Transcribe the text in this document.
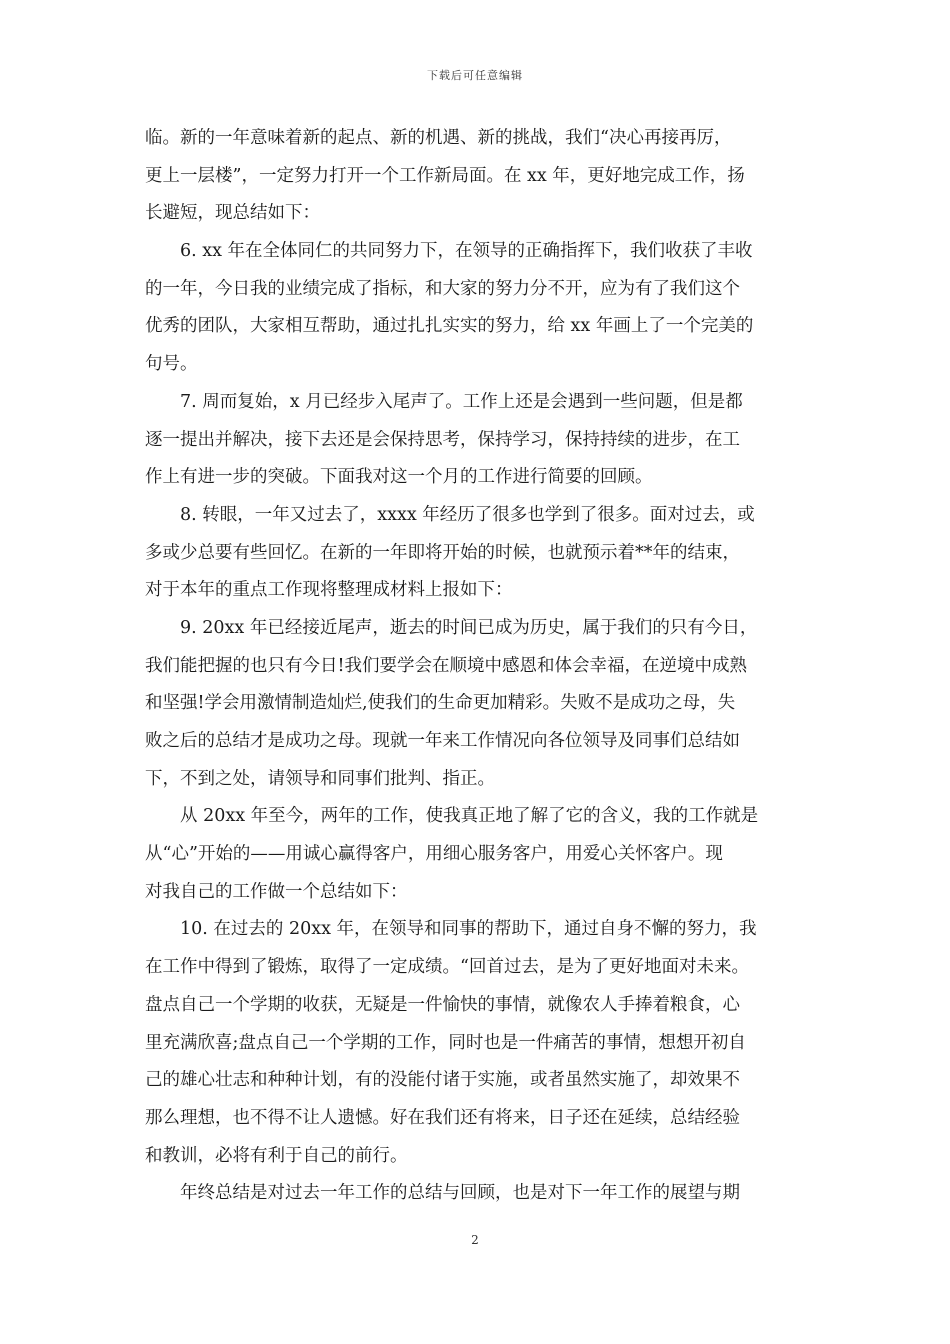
下载后可任意编辑
临。新的一年意味着新的起点、新的机遇、新的挑战，我们“决心再接再厉，
更上一层楼”，一定努力打开一个工作新局面。在 xx 年，更好地完成工作，扬
长避短，现总结如下：
6. xx 年在全体同仁的共同努力下，在领导的正确指挥下，我们收获了丰收
的一年，今日我的业绩完成了指标，和大家的努力分不开，应为有了我们这个
优秀的团队，大家相互帮助，通过扎扎实实的努力，给 xx 年画上了一个完美的
句号。
7. 周而复始，x 月已经步入尾声了。工作上还是会遇到一些问题，但是都
逐一提出并解决，接下去还是会保持思考，保持学习，保持持续的进步，在工
作上有进一步的突破。下面我对这一个月的工作进行简要的回顾。
8. 转眼，一年又过去了，xxxx 年经历了很多也学到了很多。面对过去，或
多或少总要有些回忆。在新的一年即将开始的时候，也就预示着**年的结束，
对于本年的重点工作现将整理成材料上报如下：
9. 20xx 年已经接近尾声，逝去的时间已成为历史，属于我们的只有今日，
我们能把握的也只有今日!我们要学会在顺境中感恩和体会幸福，在逆境中成熟
和坚强!学会用激情制造灿烂,使我们的生命更加精彩。失败不是成功之母，失
败之后的总结才是成功之母。现就一年来工作情况向各位领导及同事们总结如
下，不到之处，请领导和同事们批判、指正。
从 20xx 年至今，两年的工作，使我真正地了解了它的含义，我的工作就是
从“心”开始的——用诚心赢得客户，用细心服务客户，用爱心关怀客户。现
对我自己的工作做一个总结如下：
10. 在过去的 20xx 年，在领导和同事的帮助下，通过自身不懈的努力，我
在工作中得到了锻炼，取得了一定成绩。“回首过去，是为了更好地面对未来。
盘点自己一个学期的收获，无疑是一件愉快的事情，就像农人手捧着粮食，心
里充满欣喜;盘点自己一个学期的工作，同时也是一件痛苦的事情，想想开初自
己的雄心壮志和种种计划，有的没能付诸于实施，或者虽然实施了，却效果不
那么理想，也不得不让人遗憾。好在我们还有将来，日子还在延续，总结经验
和教训，必将有利于自己的前行。
年终总结是对过去一年工作的总结与回顾，也是对下一年工作的展望与期
2
